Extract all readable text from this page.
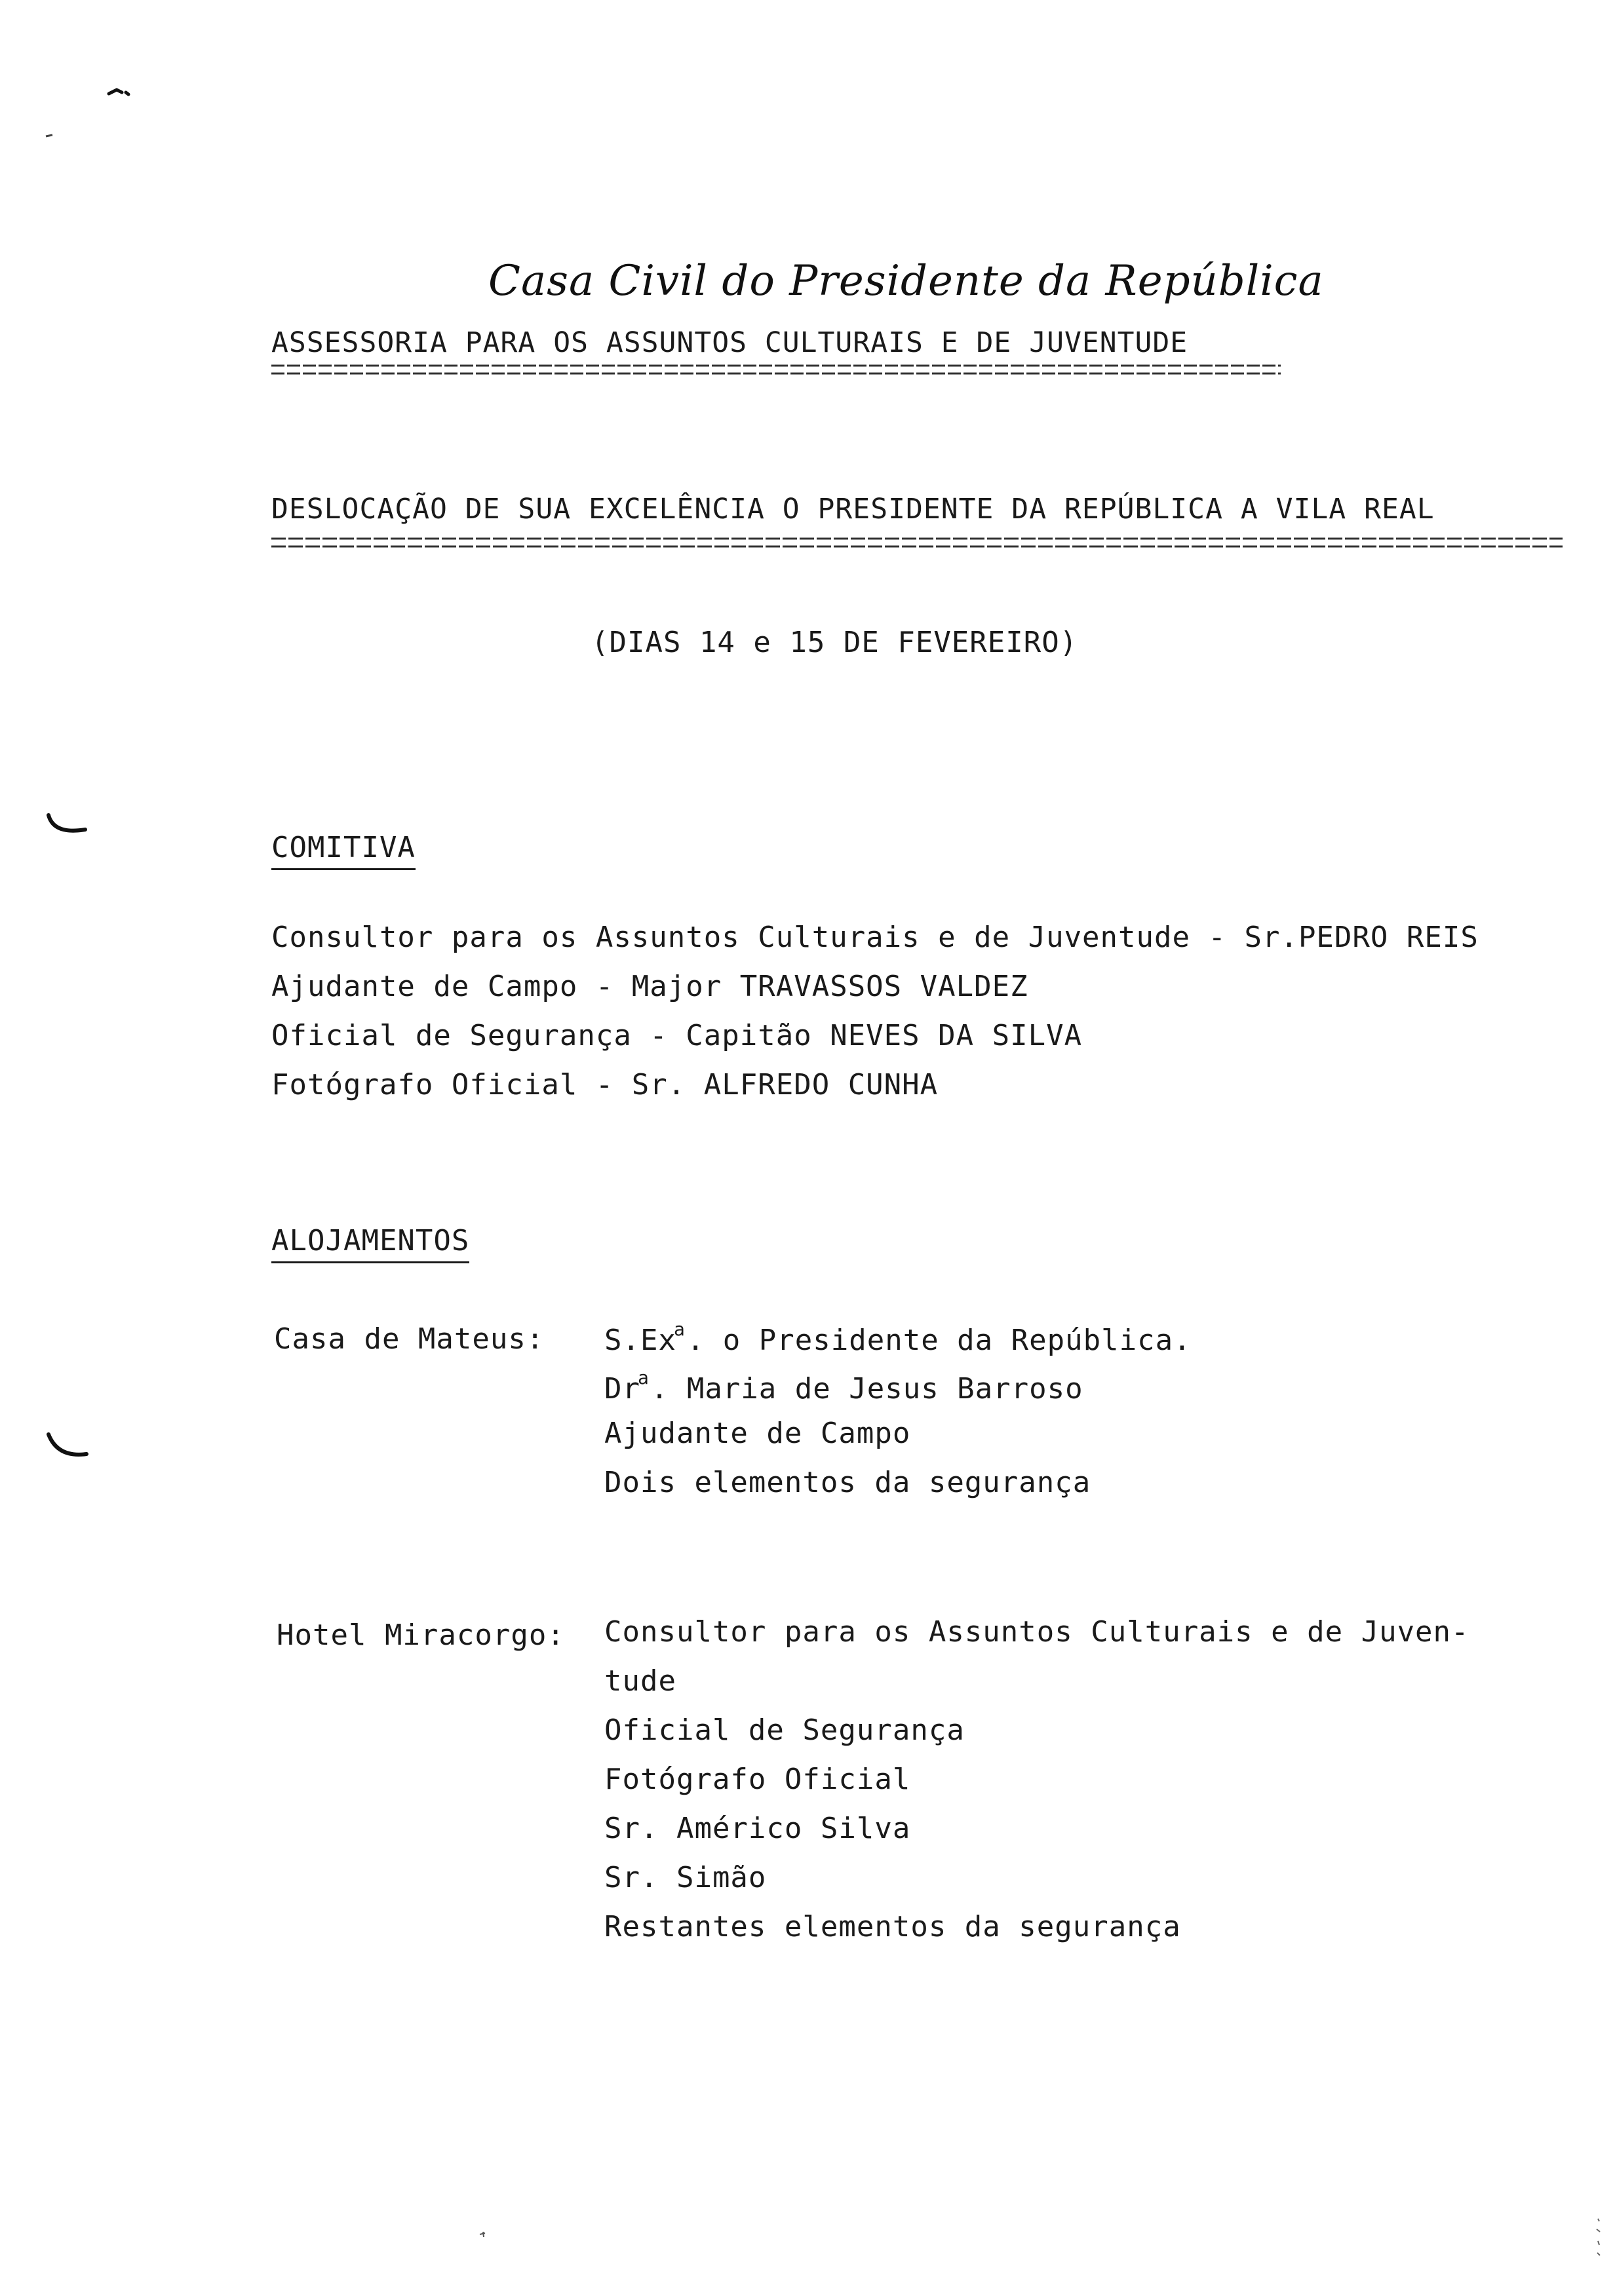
Casa Civil do Presidente da República
ASSESSORIA PARA OS ASSUNTOS CULTURAIS E DE JUVENTUDE
DESLOCAÇÃO DE SUA EXCELÊNCIA O PRESIDENTE DA REPÚBLICA A VILA REAL
(DIAS 14 e 15 DE FEVEREIRO)
COMITIVA
Consultor para os Assuntos Culturais e de Juventude - Sr.PEDRO REIS
Ajudante de Campo - Major TRAVASSOS VALDEZ
Oficial de Segurança - Capitão NEVES DA SILVA
Fotógrafo Oficial - Sr. ALFREDO CUNHA
ALOJAMENTOS
Casa de Mateus: S.Ex$^a$. o Presidente da República.
Dr$^a$. Maria de Jesus Barroso
Ajudante de Campo
Dois elementos da segurança
Hotel Miracorgo: Consultor para os Assuntos Culturais e de Juven-
tude
Oficial de Segurança
Fotógrafo Oficial
Sr. Américo Silva
Sr. Simão
Restantes elementos da segurança
